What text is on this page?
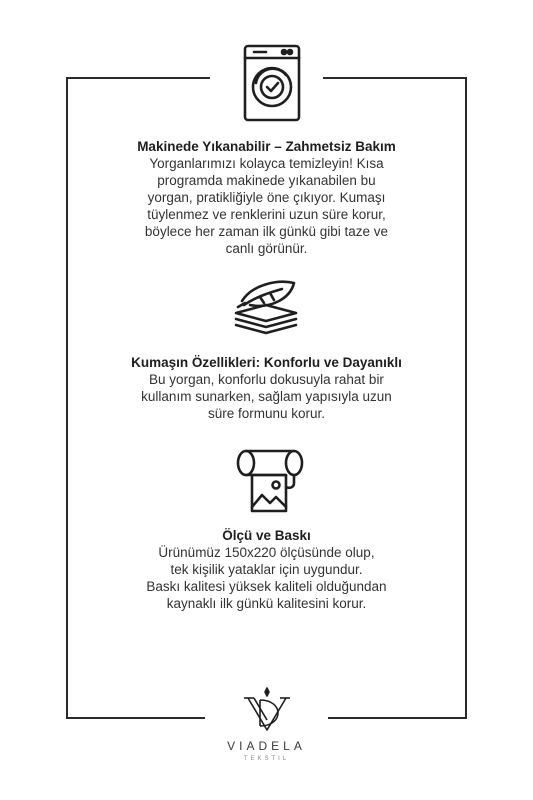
Makinede Yıkanabilir – Zahmetsiz Bakım
Yorganlarımızı kolayca temizleyin! Kısa
programda makinede yıkanabilen bu
yorgan, pratikliğiyle öne çıkıyor. Kumaşı
tüylenmez ve renklerini uzun süre korur,
böylece her zaman ilk günkü gibi taze ve
canlı görünür.
Kumaşın Özellikleri: Konforlu ve Dayanıklı
Bu yorgan, konforlu dokusuyla rahat bir
kullanım sunarken, sağlam yapısıyla uzun
süre formunu korur.
Ölçü ve Baskı
Ürünümüz 150x220 ölçüsünde olup,
tek kişilik yataklar için uygundur.
Baskı kalitesi yüksek kaliteli olduğundan
kaynaklı ilk günkü kalitesini korur.
VIADELA
TEKSTIL
